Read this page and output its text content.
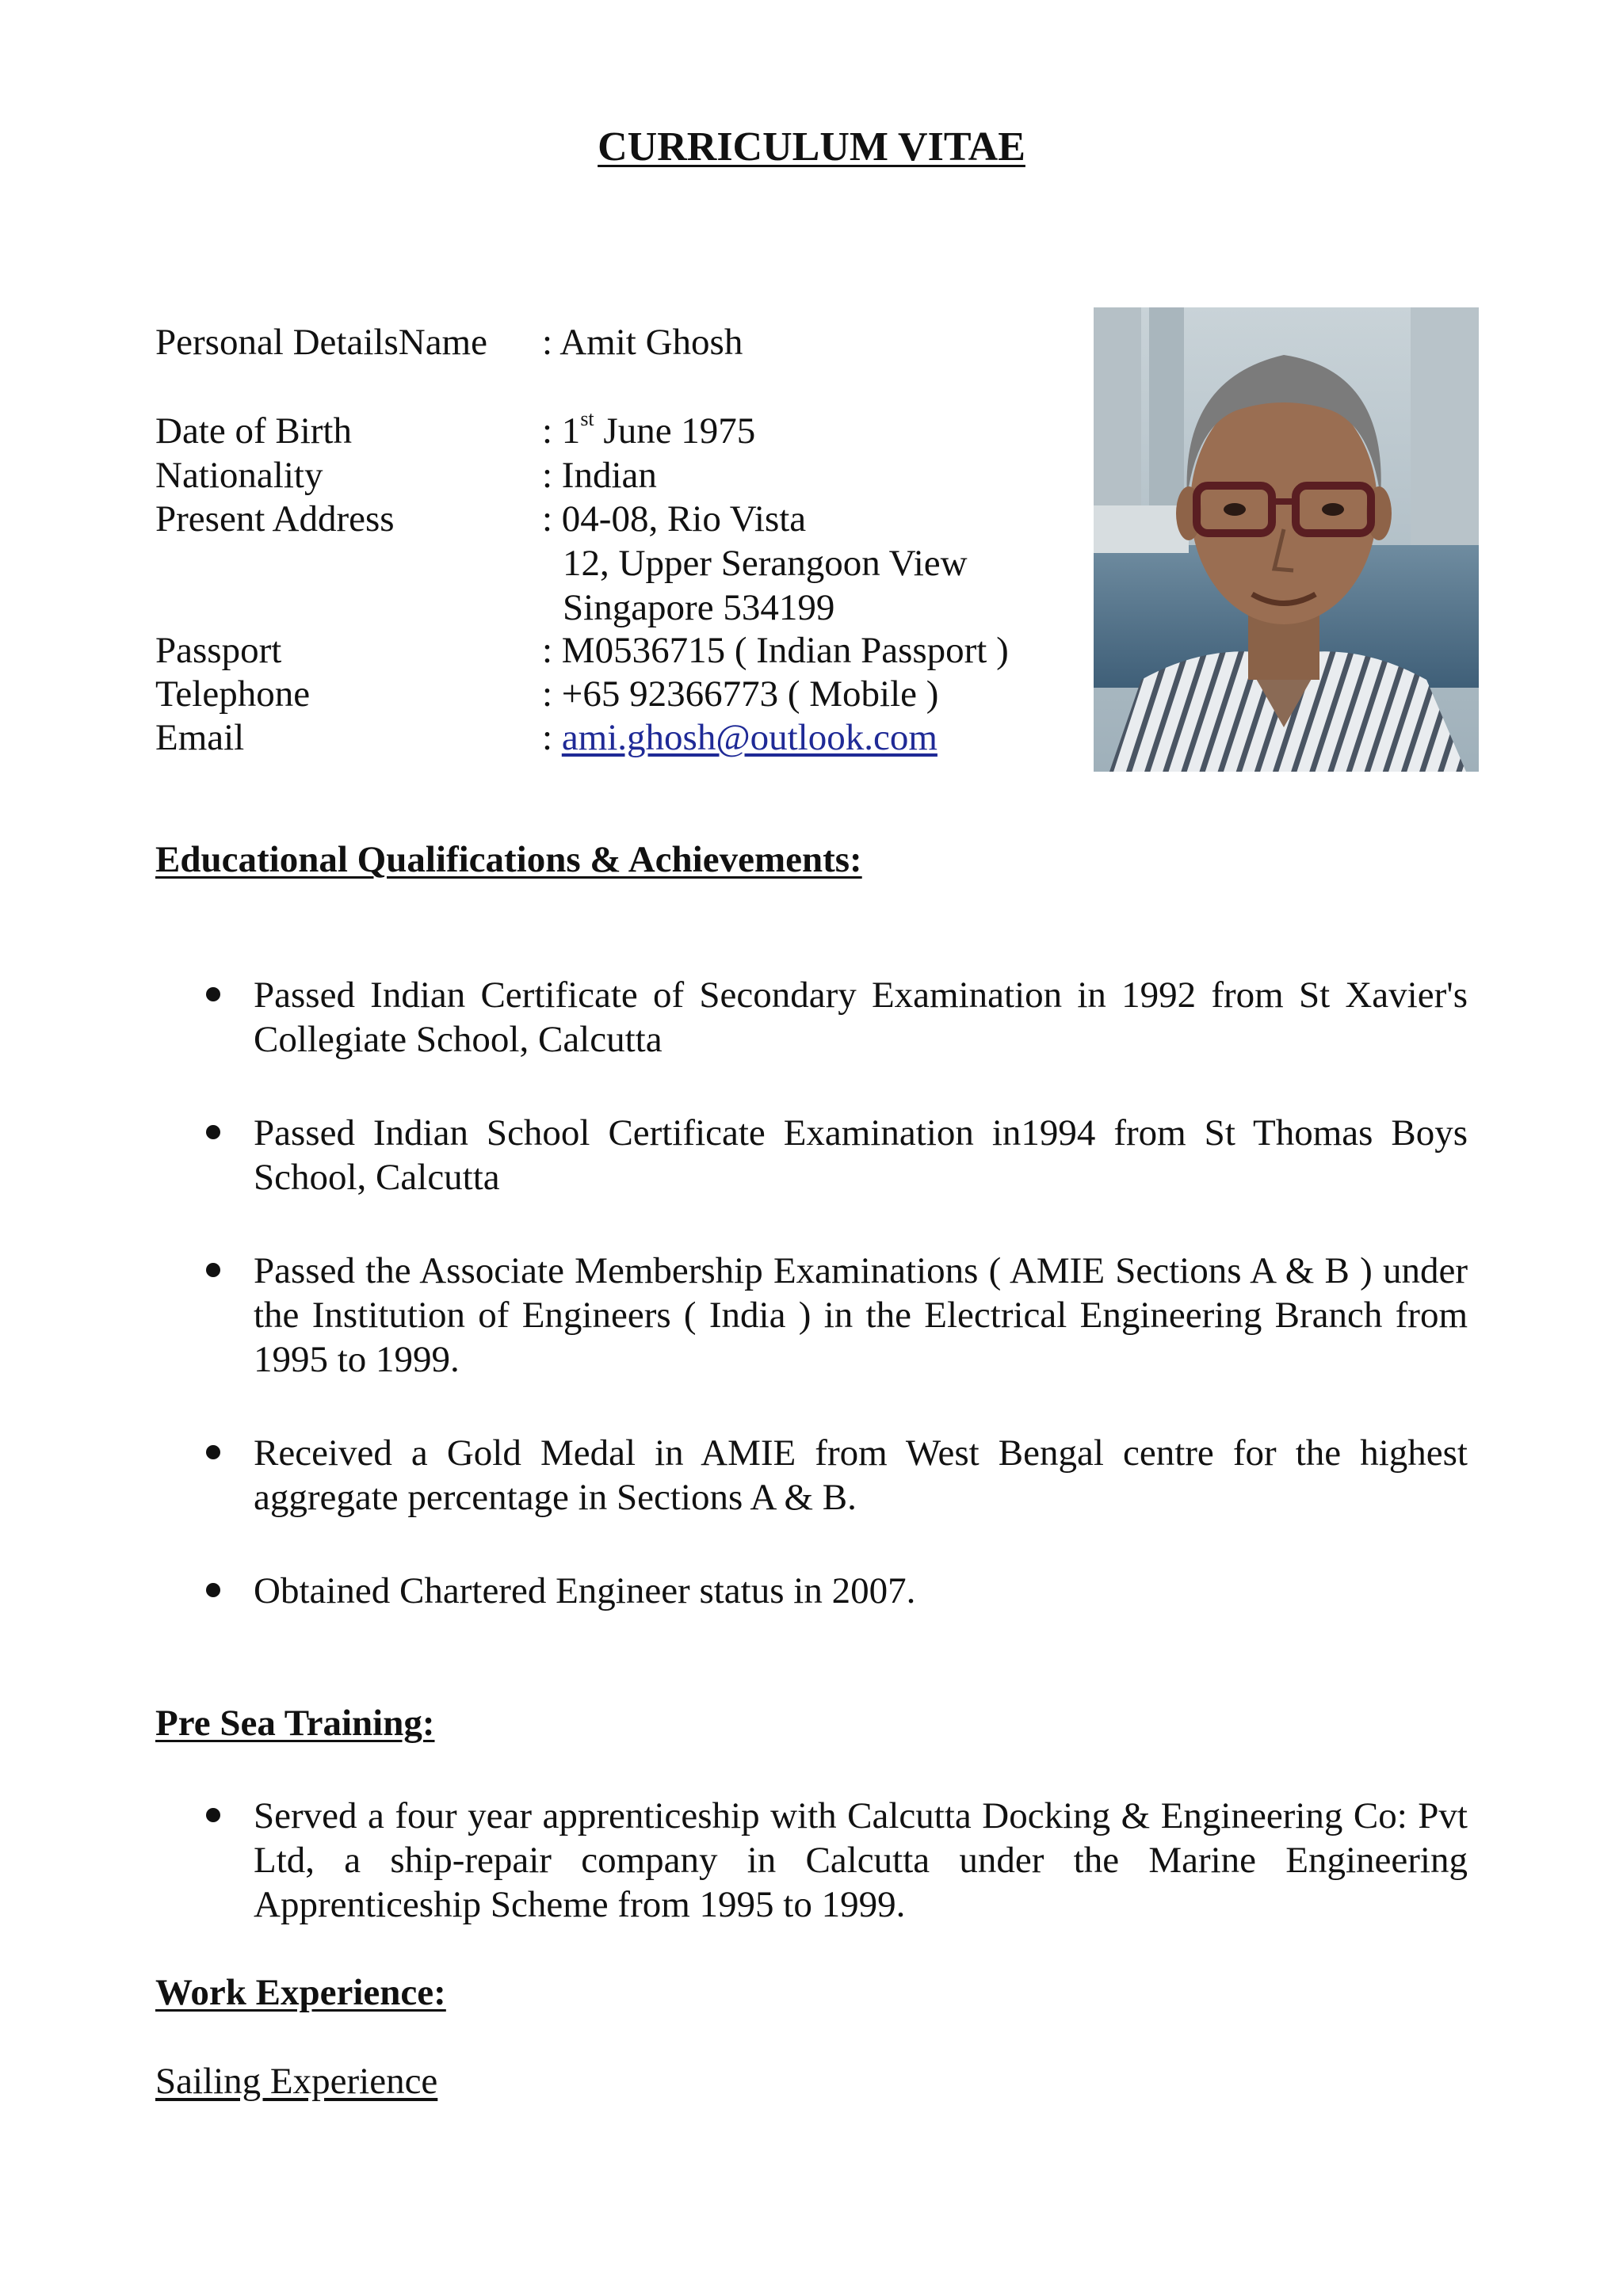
CURRICULUM VITAE
Personal DetailsName : Amit Ghosh
Date of Birth	: 1st June 1975
Nationality	: Indian
Present Address	: 04-08, Rio Vista
12, Upper Serangoon View
Singapore 534199
Passport	: M0536715 ( Indian Passport )
Telephone	: +65 92366773 ( Mobile )
Email	: ami.ghosh@outlook.com
Educational Qualifications & Achievements:
Passed Indian Certificate of Secondary Examination in 1992 from St Xavier's Collegiate School, Calcutta
Passed Indian School Certificate Examination in1994 from St Thomas Boys School, Calcutta
Passed the Associate Membership Examinations ( AMIE Sections A & B ) under the Institution of Engineers ( India ) in the Electrical Engineering Branch from 1995 to 1999.
Received a Gold Medal in AMIE from West Bengal centre for the highest aggregate percentage in Sections A & B.
Obtained Chartered Engineer status in 2007.
Pre Sea Training:
Served a four year apprenticeship with Calcutta Docking & Engineering Co: Pvt Ltd, a ship-repair company in Calcutta under the Marine Engineering Apprenticeship Scheme from 1995 to 1999.
Work Experience:
Sailing Experience
